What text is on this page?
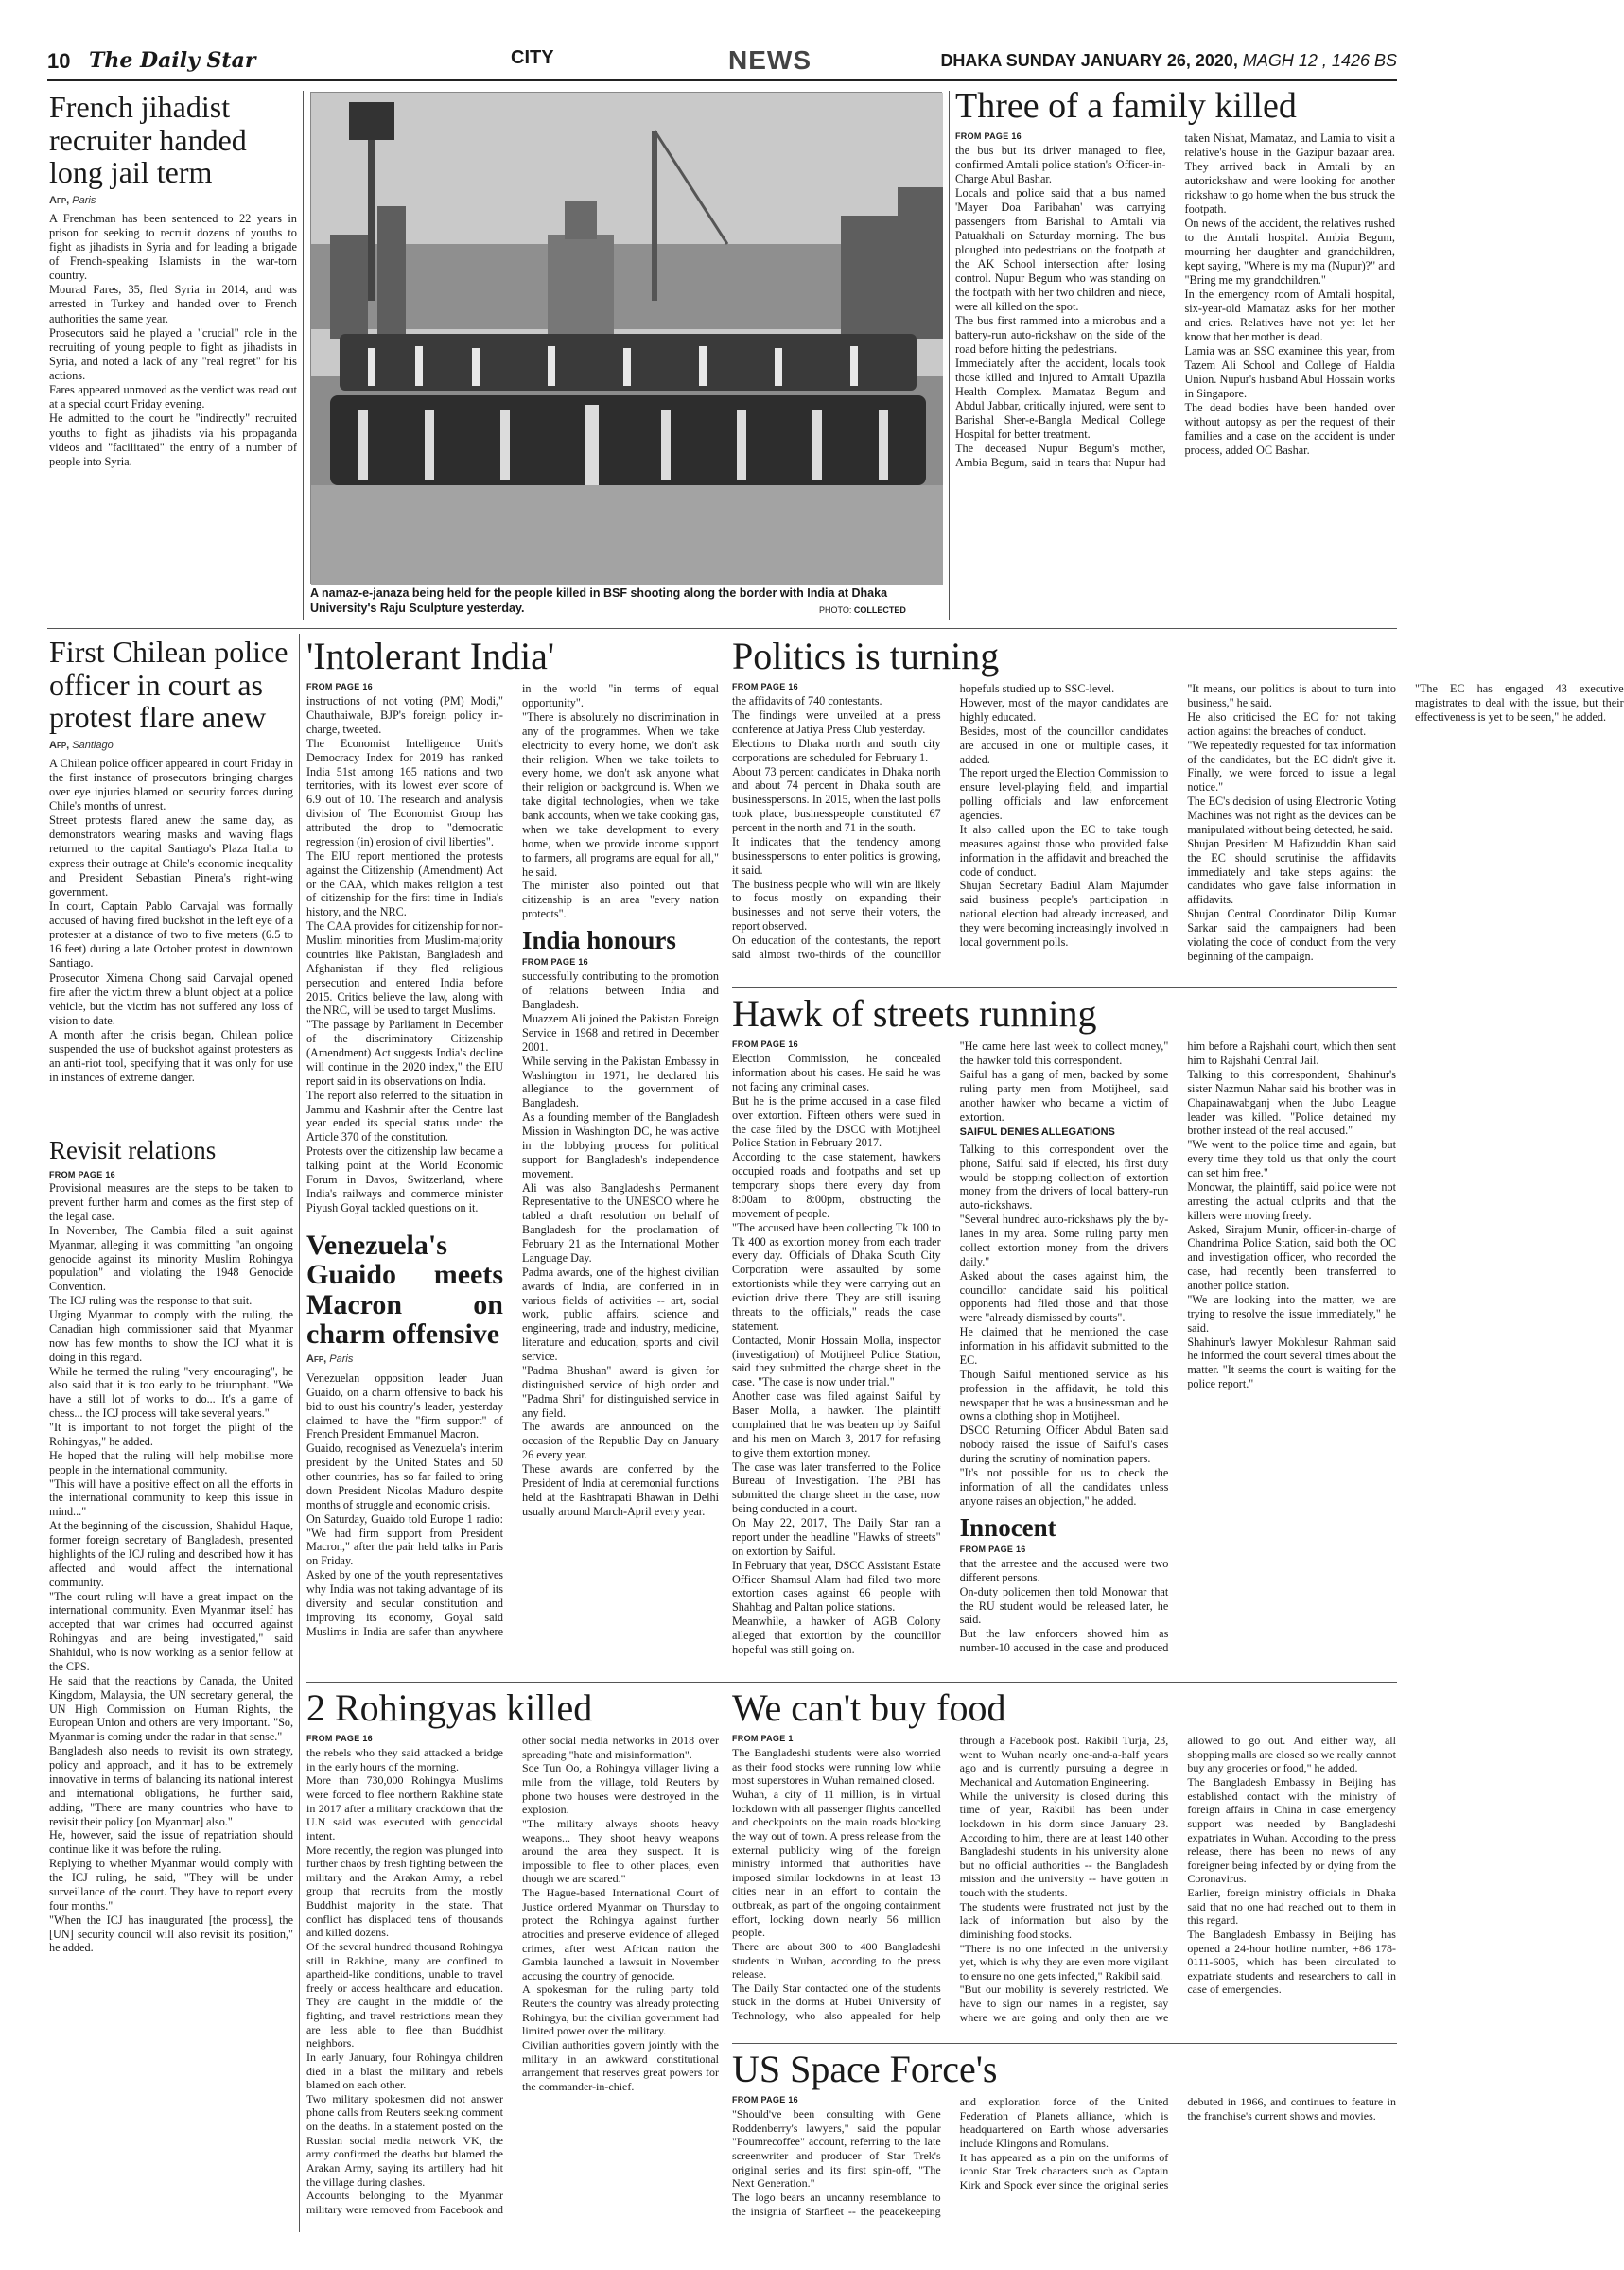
10 The Daily Star	CITY	NEWS	DHAKA SUNDAY JANUARY 26, 2020, MAGH 12 , 1426 BS
French jihadist recruiter handed long jail term
Afp, Paris

A Frenchman has been sentenced to 22 years in prison for seeking to recruit dozens of youths to fight as jihadists in Syria and for leading a brigade of French-speaking Islamists in the war-torn country.

Mourad Fares, 35, fled Syria in 2014, and was arrested in Turkey and handed over to French authorities the same year.

Prosecutors said he played a "crucial" role in the recruiting of young people to fight as jihadists in Syria, and noted a lack of any "real regret" for his actions.

Fares appeared unmoved as the verdict was read out at a special court Friday evening.

He admitted to the court he "indirectly" recruited youths to fight as jihadists via his propaganda videos and "facilitated" the entry of a number of people into Syria.

A namaz-e-janaza being held for the people killed in BSF shooting along the border with India at Dhaka University's Raju Sculpture yesterday.	PHOTO: COLLECTED
Three of a family killed
FROM PAGE 16

the bus but its driver managed to flee, confirmed Amtali police station's Officer-in-Charge Abul Bashar.

Locals and police said that a bus named 'Mayer Doa Paribahan' was carrying passengers from Barishal to Amtali via Patuakhali on Saturday morning. The bus ploughed into pedestrians on the footpath at the AK School intersection after losing control. Nupur Begum who was standing on the footpath with her two children and niece, were all killed on the spot.

The bus first rammed into a microbus and a battery-run auto-rickshaw on the side of the road before hitting the pedestrians.

Immediately after the accident, locals took those killed and injured to Amtali Upazila Health Complex. Mamataz Begum and Abdul Jabbar, critically injured, were sent to Barishal Sher-e-Bangla Medical College Hospital for better treatment.

The deceased Nupur Begum's mother, Ambia Begum, said in tears that Nupur had taken Nishat, Mamataz, and Lamia to visit a relative's house in the Gazipur bazaar area. They arrived back in Amtali by an autorickshaw and were looking for another rickshaw to go home when the bus struck the footpath.

On news of the accident, the relatives rushed to the Amtali hospital. Ambia Begum, mourning her daughter and grandchildren, kept saying, "Where is my ma (Nupur)?" and "Bring me my grandchildren."

In the emergency room of Amtali hospital, six-year-old Mamataz asks for her mother and cries. Relatives have not yet let her know that her mother is dead.

Lamia was an SSC examinee this year, from Tazem Ali School and College of Haldia Union. Nupur's husband Abul Hossain works in Singapore.

The dead bodies have been handed over without autopsy as per the request of their families and a case on the accident is under process, added OC Bashar.

First Chilean police officer in court as protest flare anew
Afp, Santiago

A Chilean police officer appeared in court Friday in the first instance of prosecutors bringing charges over eye injuries blamed on security forces during Chile's months of unrest.

Street protests flared anew the same day, as demonstrators wearing masks and waving flags returned to the capital Santiago's Plaza Italia to express their outrage at Chile's economic inequality and President Sebastian Pinera's right-wing government.

In court, Captain Pablo Carvajal was formally accused of having fired buckshot in the left eye of a protester at a distance of two to five meters (6.5 to 16 feet) during a late October protest in downtown Santiago.

Prosecutor Ximena Chong said Carvajal opened fire after the victim threw a blunt object at a police vehicle, but the victim has not suffered any loss of vision to date.

A month after the crisis began, Chilean police suspended the use of buckshot against protesters as an anti-riot tool, specifying that it was only for use in instances of extreme danger.

Revisit relations
FROM PAGE 16

Provisional measures are the steps to be taken to prevent further harm and comes as the first step of the legal case.

In November, The Cambia filed a suit against Myanmar, alleging it was committing "an ongoing genocide against its minority Muslim Rohingya population" and violating the 1948 Genocide Convention.

The ICJ ruling was the response to that suit.

Urging Myanmar to comply with the ruling, the Canadian high commissioner said that Myanmar now has few months to show the ICJ what it is doing in this regard.

While he termed the ruling "very encouraging", he also said that it is too early to be triumphant. "We have a still lot of works to do... It's a game of chess... the ICJ process will take several years."

"It is important to not forget the plight of the Rohingyas," he added.

He hoped that the ruling will help mobilise more people in the international community.

"This will have a positive effect on all the efforts in the international community to keep this issue in mind..."

At the beginning of the discussion, Shahidul Haque, former foreign secretary of Bangladesh, presented highlights of the ICJ ruling and described how it has affected and would affect the international community.

"The court ruling will have a great impact on the international community. Even Myanmar itself has accepted that war crimes had occurred against Rohingyas and are being investigated," said Shahidul, who is now working as a senior fellow at the CPS.

He said that the reactions by Canada, the United Kingdom, Malaysia, the UN secretary general, the UN High Commission on Human Rights, the European Union and others are very important. "So, Myanmar is coming under the radar in that sense."

Bangladesh also needs to revisit its own strategy, policy and approach, and it has to be extremely innovative in terms of balancing its national interest and international obligations, he further said, adding, "There are many countries who have to revisit their policy [on Myanmar] also."

He, however, said the issue of repatriation should continue like it was before the ruling.

Replying to whether Myanmar would comply with the ICJ ruling, he said, "They will be under surveillance of the court. They have to report every four months."

"When the ICJ has inaugurated [the process], the [UN] security council will also revisit its position," he added.

'Intolerant India'
FROM PAGE 16

instructions of not voting (PM) Modi," Chauthaiwale, BJP's foreign policy in-charge, tweeted.

The Economist Intelligence Unit's Democracy Index for 2019 has ranked India 51st among 165 nations and two territories, with its lowest ever score of 6.9 out of 10. The research and analysis division of The Economist Group has attributed the drop to "democratic regression (in) erosion of civil liberties".

The EIU report mentioned the protests against the Citizenship (Amendment) Act or the CAA, which makes religion a test of citizenship for the first time in India's history, and the NRC.

The CAA provides for citizenship for non-Muslim minorities from Muslim-majority countries like Pakistan, Bangladesh and Afghanistan if they fled religious persecution and entered India before 2015. Critics believe the law, along with the NRC, will be used to target Muslims.

"The passage by Parliament in December of the discriminatory Citizenship (Amendment) Act suggests India's decline will continue in the 2020 index," the EIU report said in its observations on India.

The report also referred to the situation in Jammu and Kashmir after the Centre last year ended its special status under the Article 370 of the constitution.

Protests over the citizenship law became a talking point at the World Economic Forum in Davos, Switzerland, where India's railways and commerce minister Piyush Goyal tackled questions on it.

Venezuela's Guaido meets Macron on charm offensive
Afp, Paris

Venezuelan opposition leader Juan Guaido, on a charm offensive to back his bid to oust his country's leader, yesterday claimed to have the "firm support" of French President Emmanuel Macron.

Guaido, recognised as Venezuela's interim president by the United States and 50 other countries, has so far failed to bring down President Nicolas Maduro despite months of struggle and economic crisis.

On Saturday, Guaido told Europe 1 radio: "We had firm support from President Macron," after the pair held talks in Paris on Friday.

Asked by one of the youth representatives why India was not taking advantage of its diversity and secular constitution and improving its economy, Goyal said Muslims in India are safer than anywhere in the world "in terms of equal opportunity".

"There is absolutely no discrimination in any of the programmes. When we take electricity to every home, we don't ask their religion. When we take toilets to every home, we don't ask anyone what their religion or background is. When we take digital technologies, when we take bank accounts, when we take cooking gas, when we take development to every home, when we provide income support to farmers, all programs are equal for all," he said.

The minister also pointed out that citizenship is an area "every nation protects".

India honours
FROM PAGE 16

successfully contributing to the promotion of relations between India and Bangladesh.

Muazzem Ali joined the Pakistan Foreign Service in 1968 and retired in December 2001.

While serving in the Pakistan Embassy in Washington in 1971, he declared his allegiance to the government of Bangladesh.

As a founding member of the Bangladesh Mission in Washington DC, he was active in the lobbying process for political support for Bangladesh's independence movement.

Ali was also Bangladesh's Permanent Representative to the UNESCO where he tabled a draft resolution on behalf of Bangladesh for the proclamation of February 21 as the International Mother Language Day.

Padma awards, one of the highest civilian awards of India, are conferred in in various fields of activities -- art, social work, public affairs, science and engineering, trade and industry, medicine, literature and education, sports and civil service.

"Padma Bhushan" award is given for distinguished service of high order and "Padma Shri" for distinguished service in any field.

The awards are announced on the occasion of the Republic Day on January 26 every year.

These awards are conferred by the President of India at ceremonial functions held at the Rashtrapati Bhawan in Delhi usually around March-April every year.

Politics is turning
FROM PAGE 16

the affidavits of 740 contestants.

The findings were unveiled at a press conference at Jatiya Press Club yesterday.

Elections to Dhaka north and south city corporations are scheduled for February 1.

About 73 percent candidates in Dhaka north and about 74 percent in Dhaka south are businesspersons. In 2015, when the last polls took place, businesspeople constituted 67 percent in the north and 71 in the south.

It indicates that the tendency among businesspersons to enter politics is growing, it said.

The business people who will win are likely to focus mostly on expanding their businesses and not serve their voters, the report observed.

On education of the contestants, the report said almost two-thirds of the councillor hopefuls studied up to SSC-level.

However, most of the mayor candidates are highly educated.

Besides, most of the councillor candidates are accused in one or multiple cases, it added.

The report urged the Election Commission to ensure level-playing field, and impartial polling officials and law enforcement agencies.

It also called upon the EC to take tough measures against those who provided false information in the affidavit and breached the code of conduct.

Shujan Secretary Badiul Alam Majumder said business people's participation in national election had already increased, and they were becoming increasingly involved in local government polls.

"It means, our politics is about to turn into business," he said.

He also criticised the EC for not taking action against the breaches of conduct.

"We repeatedly requested for tax information of the candidates, but the EC didn't give it. Finally, we were forced to issue a legal notice."

The EC's decision of using Electronic Voting Machines was not right as the devices can be manipulated without being detected, he said.

Shujan President M Hafizuddin Khan said the EC should scrutinise the affidavits immediately and take steps against the candidates who gave false information in affidavits.

Shujan Central Coordinator Dilip Kumar Sarkar said the campaigners had been violating the code of conduct from the very beginning of the campaign.

"The EC has engaged 43 executive magistrates to deal with the issue, but their effectiveness is yet to be seen," he added.

Hawk of streets running
FROM PAGE 16

Election Commission, he concealed information about his cases. He said he was not facing any criminal cases.

But he is the prime accused in a case filed over extortion. Fifteen others were sued in the case filed by the DSCC with Motijheel Police Station in February 2017.

According to the case statement, hawkers occupied roads and footpaths and set up temporary shops there every day from 8:00am to 8:00pm, obstructing the movement of people.

"The accused have been collecting Tk 100 to Tk 400 as extortion money from each trader every day. Officials of Dhaka South City Corporation were assaulted by some extortionists while they were carrying out an eviction drive there. They are still issuing threats to the officials," reads the case statement.

Contacted, Monir Hossain Molla, inspector (investigation) of Motijheel Police Station, said they submitted the charge sheet in the case. "The case is now under trial."

Another case was filed against Saiful by Baser Molla, a hawker. The plaintiff complained that he was beaten up by Saiful and his men on March 3, 2017 for refusing to give them extortion money.

The case was later transferred to the Police Bureau of Investigation. The PBI has submitted the charge sheet in the case, now being conducted in a court.

On May 22, 2017, The Daily Star ran a report under the headline "Hawks of streets" on extortion by Saiful.

In February that year, DSCC Assistant Estate Officer Shamsul Alam had filed two more extortion cases against 66 people with Shahbag and Paltan police stations.

Meanwhile, a hawker of AGB Colony alleged that extortion by the councillor hopeful was still going on.

"He came here last week to collect money," the hawker told this correspondent.

Saiful has a gang of men, backed by some ruling party men from Motijheel, said another hawker who became a victim of extortion.

SAIFUL DENIES ALLEGATIONS

Talking to this correspondent over the phone, Saiful said if elected, his first duty would be stopping collection of extortion money from the drivers of local battery-run auto-rickshaws.

"Several hundred auto-rickshaws ply the by-lanes in my area. Some ruling party men collect extortion money from the drivers daily."

Asked about the cases against him, the councillor candidate said his political opponents had filed those and that those were "already dismissed by courts".

He claimed that he mentioned the case information in his affidavit submitted to the EC.

Though Saiful mentioned service as his profession in the affidavit, he told this newspaper that he was a businessman and he owns a clothing shop in Motijheel.

DSCC Returning Officer Abdul Baten said nobody raised the issue of Saiful's cases during the scrutiny of nomination papers.

"It's not possible for us to check the information of all the candidates unless anyone raises an objection," he added.

Innocent
FROM PAGE 16

that the arrestee and the accused were two different persons.

On-duty policemen then told Monowar that the RU student would be released later, he said.

But the law enforcers showed him as number-10 accused in the case and produced him before a Rajshahi court, which then sent him to Rajshahi Central Jail.

Talking to this correspondent, Shahinur's sister Nazmun Nahar said his brother was in Chapainawabganj when the Jubo League leader was killed. "Police detained my brother instead of the real accused."

"We went to the police time and again, but every time they told us that only the court can set him free."

Monowar, the plaintiff, said police were not arresting the actual culprits and that the killers were moving freely.

Asked, Sirajum Munir, officer-in-charge of Chandrima Police Station, said both the OC and investigation officer, who recorded the case, had recently been transferred to another police station.

"We are looking into the matter, we are trying to resolve the issue immediately," he said.

Shahinur's lawyer Mokhlesur Rahman said he informed the court several times about the matter. "It seems the court is waiting for the police report."

2 Rohingyas killed
FROM PAGE 16

the rebels who they said attacked a bridge in the early hours of the morning.

More than 730,000 Rohingya Muslims were forced to flee northern Rakhine state in 2017 after a military crackdown that the U.N said was executed with genocidal intent.

More recently, the region was plunged into further chaos by fresh fighting between the military and the Arakan Army, a rebel group that recruits from the mostly Buddhist majority in the state. That conflict has displaced tens of thousands and killed dozens.

Of the several hundred thousand Rohingya still in Rakhine, many are confined to apartheid-like conditions, unable to travel freely or access healthcare and education. They are caught in the middle of the fighting, and travel restrictions mean they are less able to flee than Buddhist neighbors.

In early January, four Rohingya children died in a blast the military and rebels blamed on each other.

Two military spokesmen did not answer phone calls from Reuters seeking comment on the deaths. In a statement posted on the Russian social media network VK, the army confirmed the deaths but blamed the Arakan Army, saying its artillery had hit the village during clashes.

Accounts belonging to the Myanmar military were removed from Facebook and other social media networks in 2018 over spreading "hate and misinformation".

Soe Tun Oo, a Rohingya villager living a mile from the village, told Reuters by phone two houses were destroyed in the explosion.

"The military always shoots heavy weapons... They shoot heavy weapons around the area they suspect. It is impossible to flee to other places, even though we are scared."

The Hague-based International Court of Justice ordered Myanmar on Thursday to protect the Rohingya against further atrocities and preserve evidence of alleged crimes, after west African nation the Gambia launched a lawsuit in November accusing the country of genocide.

A spokesman for the ruling party told Reuters the country was already protecting Rohingya, but the civilian government had limited power over the military.

Civilian authorities govern jointly with the military in an awkward constitutional arrangement that reserves great powers for the commander-in-chief.

We can't buy food
FROM PAGE 1

The Bangladeshi students were also worried as their food stocks were running low while most superstores in Wuhan remained closed.

Wuhan, a city of 11 million, is in virtual lockdown with all passenger flights cancelled and checkpoints on the main roads blocking the way out of town. A press release from the external publicity wing of the foreign ministry informed that authorities have imposed similar lockdowns in at least 13 cities near in an effort to contain the outbreak, as part of the ongoing containment effort, locking down nearly 56 million people.

There are about 300 to 400 Bangladeshi students in Wuhan, according to the press release.

The Daily Star contacted one of the students stuck in the dorms at Hubei University of Technology, who also appealed for help through a Facebook post. Rakibil Turja, 23, went to Wuhan nearly one-and-a-half years ago and is currently pursuing a degree in Mechanical and Automation Engineering.

While the university is closed during this time of year, Rakibil has been under lockdown in his dorm since January 23. According to him, there are at least 140 other Bangladeshi students in his university alone but no official authorities -- the Bangladesh mission and the university -- have gotten in touch with the students.

The students were frustrated not just by the lack of information but also by the diminishing food stocks.

"There is no one infected in the university yet, which is why they are even more vigilant to ensure no one gets infected," Rakibil said.

"But our mobility is severely restricted. We have to sign our names in a register, say where we are going and only then are we allowed to go out. And either way, all shopping malls are closed so we really cannot buy any groceries or food," he added.

The Bangladesh Embassy in Beijing has established contact with the ministry of foreign affairs in China in case emergency support was needed by Bangladeshi expatriates in Wuhan. According to the press release, there has been no news of any foreigner being infected by or dying from the Coronavirus.

Earlier, foreign ministry officials in Dhaka said that no one had reached out to them in this regard.

The Bangladesh Embassy in Beijing has opened a 24-hour hotline number, +86 178-0111-6005, which has been circulated to expatriate students and researchers to call in case of emergencies.

US Space Force's
FROM PAGE 16

"Should've been consulting with Gene Roddenberry's lawyers," said the popular "Poumrecoffee" account, referring to the late screenwriter and producer of Star Trek's original series and its first spin-off, "The Next Generation."

The logo bears an uncanny resemblance to the insignia of Starfleet -- the peacekeeping and exploration force of the United Federation of Planets alliance, which is headquartered on Earth whose adversaries include Klingons and Romulans.

It has appeared as a pin on the uniforms of iconic Star Trek characters such as Captain Kirk and Spock ever since the original series debuted in 1966, and continues to feature in the franchise's current shows and movies.
